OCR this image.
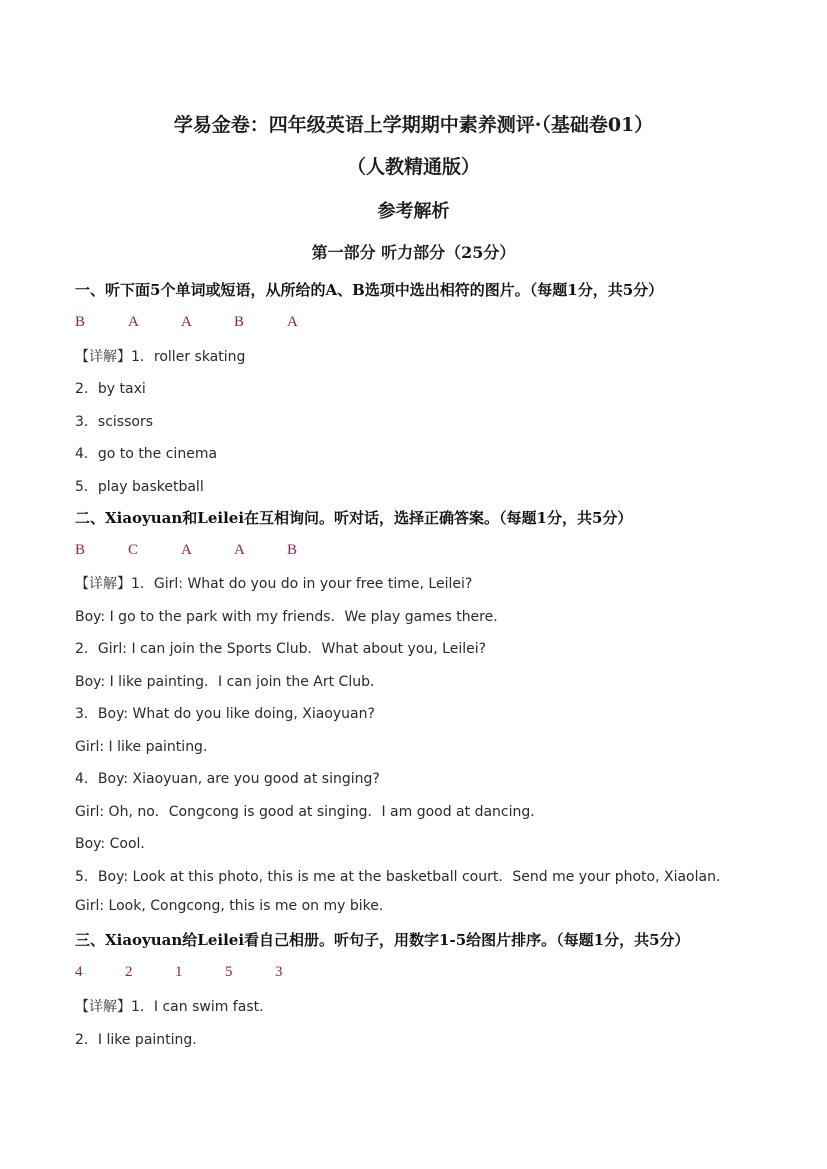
学易金卷：四年级英语上学期期中素养测评·（基础卷01）
（人教精通版）
参考解析
第一部分 听力部分（25分）
一、听下面5个单词或短语，从所给的A、B选项中选出相符的图片。（每题1分，共5分）
B	A	A	B	A
【详解】1．roller skating
2．by taxi
3．scissors
4．go to the cinema
5．play basketball
二、Xiaoyuan和Leilei在互相询问。听对话，选择正确答案。（每题1分，共5分）
B	C	A	A	B
【详解】1．Girl: What do you do in your free time, Leilei?
Boy: I go to the park with my friends．We play games there．
2．Girl: I can join the Sports Club．What about you, Leilei?
Boy: I like painting．I can join the Art Club．
3．Boy: What do you like doing, Xiaoyuan?
Girl: I like painting．
4．Boy: Xiaoyuan, are you good at singing?
Girl: Oh, no．Congcong is good at singing．I am good at dancing．
Boy: Cool．
5．Boy: Look at this photo, this is me at the basketball court．Send me your photo, Xiaolan．
Girl: Look, Congcong, this is me on my bike.
三、Xiaoyuan给Leilei看自己相册。听句子，用数字1-5给图片排序。（每题1分，共5分）
4	2	1	5	3
【详解】1．I can swim fast.
2．I like painting.
